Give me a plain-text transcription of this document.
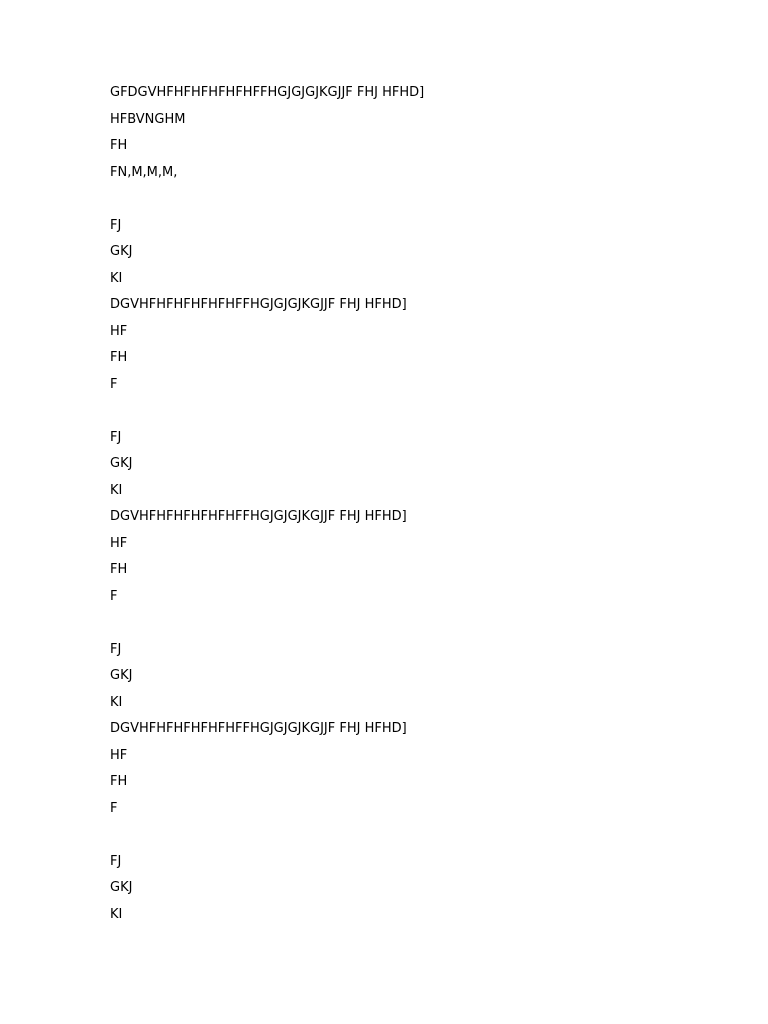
GFDGVHFHFHFHFHFHFFHGJGJGJKGJJF FHJ HFHD]
HFBVNGHM
FH
FN,M,M,M,
FJ
GKJ
KI
DGVHFHFHFHFHFHFFHGJGJGJKGJJF FHJ HFHD]
HF
FH
F
FJ
GKJ
KI
DGVHFHFHFHFHFHFFHGJGJGJKGJJF FHJ HFHD]
HF
FH
F
FJ
GKJ
KI
DGVHFHFHFHFHFHFFHGJGJGJKGJJF FHJ HFHD]
HF
FH
F
FJ
GKJ
KI
